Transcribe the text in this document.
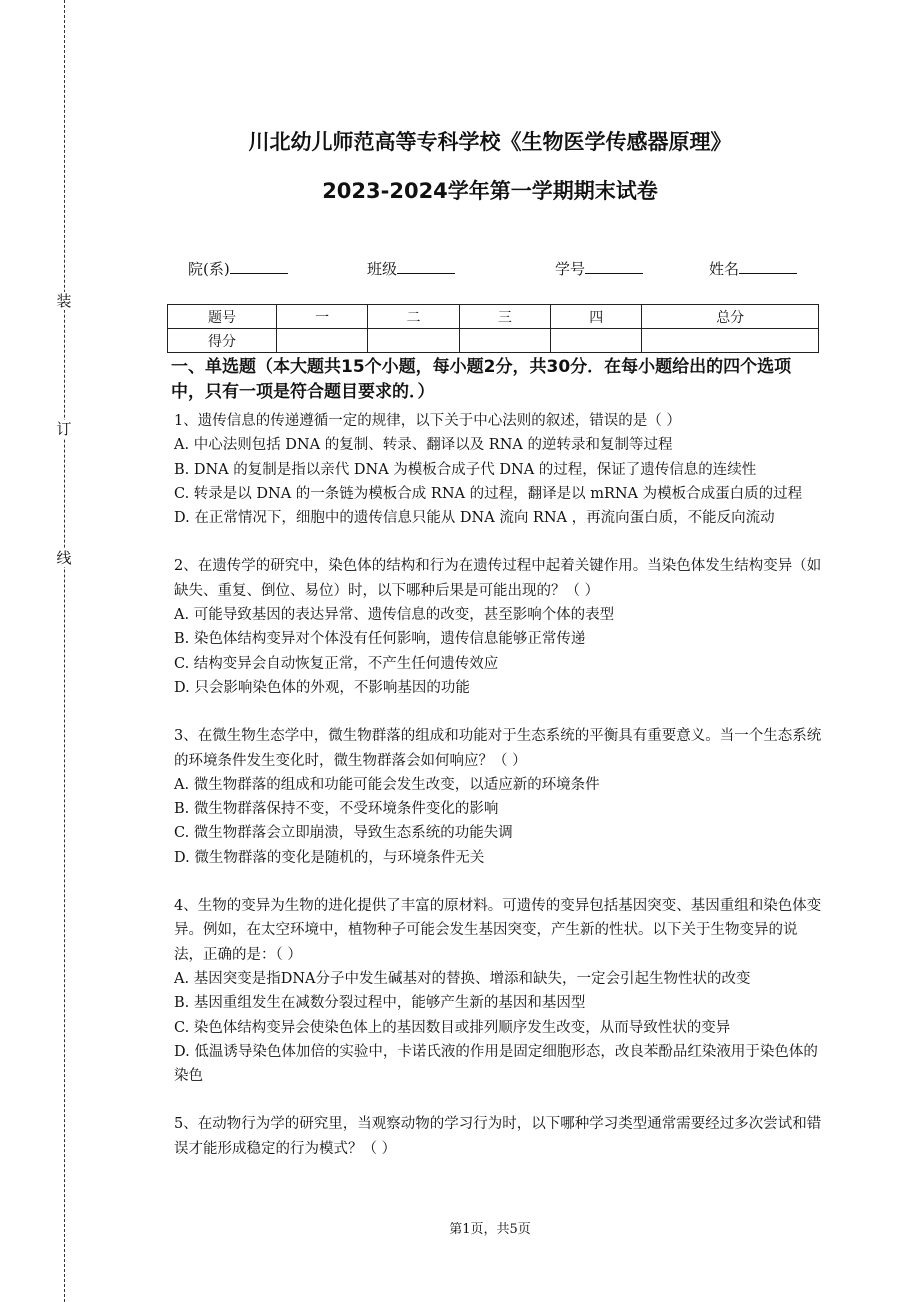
装
订
线
川北幼儿师范高等专科学校《生物医学传感器原理》
2023-2024学年第一学期期末试卷
院(系)	班级	学号	姓名
题号	一	二	三	四	总分
得分					
一、单选题（本大题共15个小题，每小题2分，共30分．在每小题给出的四个选项中，只有一项是符合题目要求的．）

1、遗传信息的传递遵循一定的规律，以下关于中心法则的叙述，错误的是（ ）

A. 中心法则包括 DNA 的复制、转录、翻译以及 RNA 的逆转录和复制等过程

B. DNA 的复制是指以亲代 DNA 为模板合成子代 DNA 的过程，保证了遗传信息的连续性

C. 转录是以 DNA 的一条链为模板合成 RNA 的过程，翻译是以 mRNA 为模板合成蛋白质的过程

D. 在正常情况下，细胞中的遗传信息只能从 DNA 流向 RNA ，再流向蛋白质，不能反向流动

2、在遗传学的研究中，染色体的结构和行为在遗传过程中起着关键作用。当染色体发生结构变异（如缺失、重复、倒位、易位）时，以下哪种后果是可能出现的？（ ）

A. 可能导致基因的表达异常、遗传信息的改变，甚至影响个体的表型

B. 染色体结构变异对个体没有任何影响，遗传信息能够正常传递

C. 结构变异会自动恢复正常，不产生任何遗传效应

D. 只会影响染色体的外观，不影响基因的功能

3、在微生物生态学中，微生物群落的组成和功能对于生态系统的平衡具有重要意义。当一个生态系统的环境条件发生变化时，微生物群落会如何响应？（ ）

A. 微生物群落的组成和功能可能会发生改变，以适应新的环境条件

B. 微生物群落保持不变，不受环境条件变化的影响

C. 微生物群落会立即崩溃，导致生态系统的功能失调

D. 微生物群落的变化是随机的，与环境条件无关

4、生物的变异为生物的进化提供了丰富的原材料。可遗传的变异包括基因突变、基因重组和染色体变异。例如，在太空环境中，植物种子可能会发生基因突变，产生新的性状。以下关于生物变异的说法，正确的是：（ ）

A. 基因突变是指DNA分子中发生碱基对的替换、增添和缺失，一定会引起生物性状的改变

B. 基因重组发生在减数分裂过程中，能够产生新的基因和基因型

C. 染色体结构变异会使染色体上的基因数目或排列顺序发生改变，从而导致性状的变异

D. 低温诱导染色体加倍的实验中，卡诺氏液的作用是固定细胞形态，改良苯酚品红染液用于染色体的染色

5、在动物行为学的研究里，当观察动物的学习行为时，以下哪种学习类型通常需要经过多次尝试和错误才能形成稳定的行为模式？（ ）

第1页，共5页
